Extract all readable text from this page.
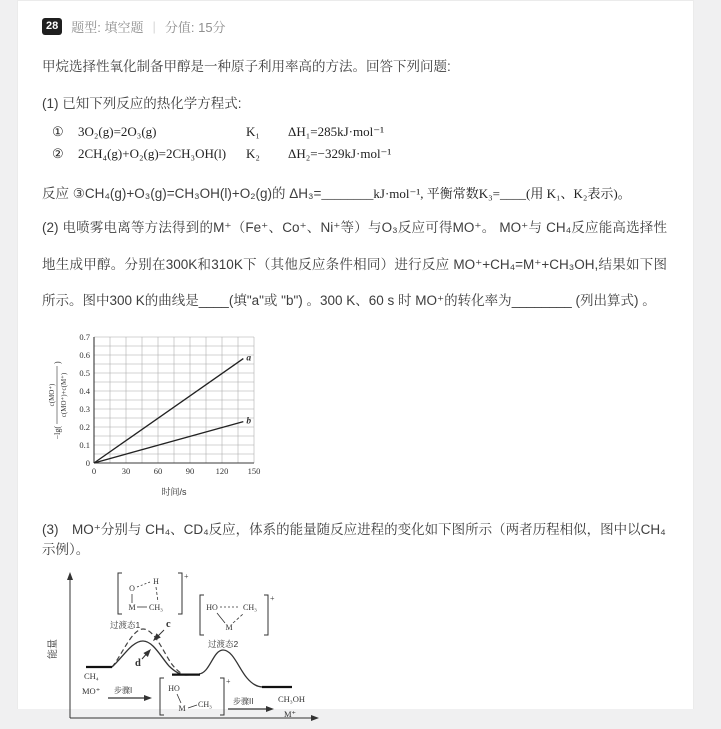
28	题型: 填空题 | 分值: 15分

甲烷选择性氧化制备甲醇是一种原子利用率高的方法。回答下列问题:

(1) 已知下列反应的热化学方程式:

①	3O₂(g)=2O₃(g)	K₁	ΔH₁=285kJ·mol⁻¹
②	2CH₄(g)+O₂(g)=2CH₃OH(l)	K₂	ΔH₂=−329kJ·mol⁻¹

反应 ③CH₄(g)+O₃(g)=CH₃OH(l)+O₂(g)的 ΔH₃=________kJ·mol⁻¹, 平衡常数K₃=____(用 K₁、K₂表示)。

(2) 电喷雾电离等方法得到的M⁺（Fe⁺、Co⁺、Ni⁺等）与O₃反应可得MO⁺。 MO⁺与 CH₄反应能高选择性地生成甲醇。分别在300K和310K下（其他反应条件相同）进行反应 MO⁺+CH₄=M⁺+CH₃OH,结果如下图所示。图中300 K的曲线是____(填"a"或 "b") 。300 K、60 s 时 MO⁺的转化率为________ (列出算式) 。

0	30	60	90	120 150
0
0.1
0.2
0.3
0.4
0.5
0.6
0.7
时间/s
a
b
−lg(
c(MO⁺) c(MO⁺)+c(M⁺)
)

(3)　MO⁺分别与 CH₄、CD₄反应，体系的能量随反应进程的变化如下图所示（两者历程相似，图中以CH₄示例）。

能量
c
d
过渡态1
过渡态2
CH₄
MO⁺ 步骤I
步骤II	CH₃OH
M⁺
+
O
H
M CH₃
+
HO	CH₃
M
+
HO
M CH₃
